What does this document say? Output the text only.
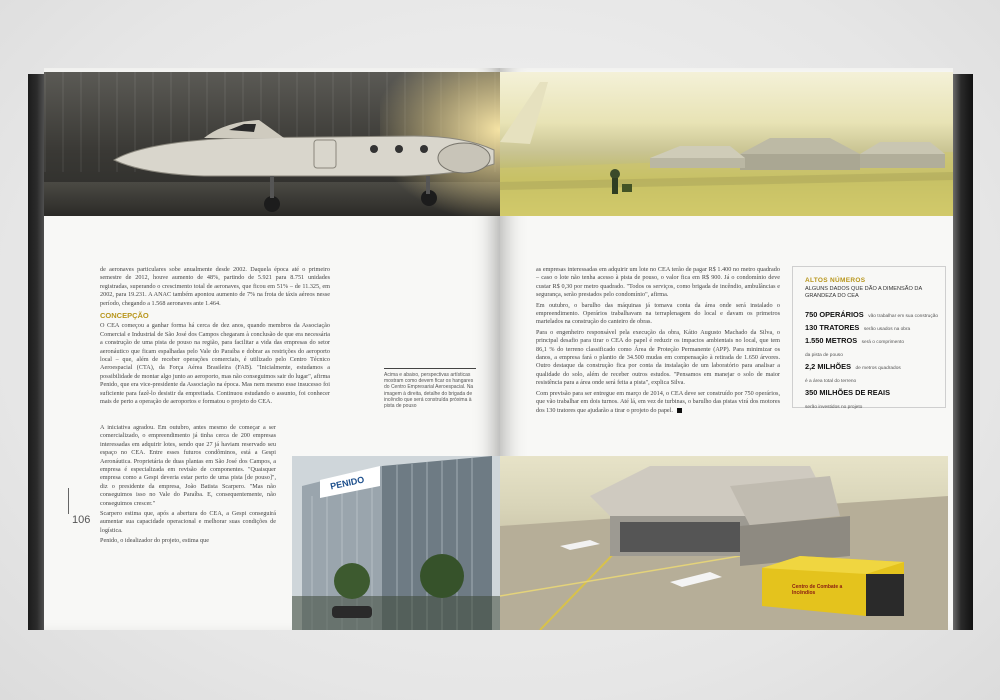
de aeronaves particulares sobe anualmente desde 2002. Daquela época até o primeiro semestre de 2012, houve aumento de 48%, partindo de 5.921 para 8.751 unidades registradas, superando o crescimento total de aeronaves, que ficou em 51% – de 11.325, em 2002, para 19.231. A ANAC também apontou aumento de 7% na frota de táxis aéreos nesse período, chegando a 1.568 aeronaves ante 1.464.

CONCEPÇÃO

O CEA começou a ganhar forma há cerca de dez anos, quando membros da Associação Comercial e Industrial de São José dos Campos chegaram à conclusão de que era necessária a construção de uma pista de pouso na região, para facilitar a vida das empresas do setor aeronáutico que ficam espalhadas pelo Vale do Paraíba e dobrar as restrições do aeroporto local – que, além de receber operações comerciais, é utilizado pelo Centro Técnico Aeroespacial (CTA), da Força Aérea Brasileira (FAB). "Inicialmente, estudamos a possibilidade de montar algo junto ao aeroporto, mas não conseguimos sair do lugar", afirma Penido, que era vice-presidente da Associação na época. Mas nem mesmo esse insucesso foi suficiente para fazê-lo desistir da empreitada. Continuou estudando o assunto, foi conhecer mais de perto a operação de aeroportos e formatou o projeto do CEA.

A iniciativa agradou. Em outubro, antes mesmo de começar a ser comercializado, o empreendimento já tinha cerca de 200 empresas interessadas em adquirir lotes, sendo que 27 já haviam reservado seu espaço no CEA. Entre esses futuros condôminos, está a Gespi Aeronáutica. Proprietária de duas plantas em São José dos Campos, a empresa é especializada em revisão de componentes. "Quaisquer empresa como a Gespi deveria estar perto de uma pista [de pouso]", diz o presidente da empresa, João Batista Scarpero. "Mas não conseguimos isso no Vale do Paraíba. E, consequentemente, não conseguimos crescer."

Scarpero estima que, após a abertura do CEA, a Gespi conseguirá aumentar sua capacidade operacional e melhorar suas condições de logística.

Penido, o idealizador do projeto, estima que

Acima e abaixo, perspectivas artísticas mostram como devem ficar os hangares do Centro Empresarial Aeroespacial. Na imagem à direita, detalhe do brigada de incêndio que será construída próxima à pista de pouso
106
PENIDO

as empresas interessadas em adquirir um lote no CEA terão de pagar R$ 1.400 no metro quadrado – caso o lote não tenha acesso à pista de pouso, o valor fica em R$ 900. Já o condomínio deve custar R$ 0,30 por metro quadrado. "Todos os serviços, como brigada de incêndio, ambulâncias e segurança, serão prestados pelo condomínio", afirma.

Em outubro, o barulho das máquinas já tomava conta da área onde será instalado o empreendimento. Operários trabalhavam na terraplenagem do local e davam os primeiros martelados na construção do canteiro de obras.

Para o engenheiro responsável pela execução da obra, Kátio Augusto Machado da Silva, o principal desafio para tirar o CEA do papel é reduzir os impactos ambientais no local, que tem 86,1 % do terreno classificado como Área de Proteção Permanente (APP). Para minimizar os danos, a empresa fará o plantio de 34.500 mudas em compensação à retirada de 1.650 árvores. Outro destaque da construção fica por conta da instalação de um laboratório para analisar a qualidade do solo, além de receber outros estudos. "Pensamos em manejar o solo de maior resistência para a área onde será feita a pista", explica Silva.

Com previsão para ser entregue em março de 2014, o CEA deve ser construído por 750 operários, que vão trabalhar em dois turnos. Até lá, em vez de turbinas, o barulho das pistas virá dos motores dos 130 tratores que ajudarão a tirar o projeto do papel.

ALTOS NÚMEROS
ALGUNS DADOS QUE DÃO A DIMENSÃO DA GRANDEZA DO CEA
750 OPERÁRIOS vão trabalhar em sua construção
130 TRATORES serão usados na obra
1.550 METROS será o comprimento
da pista de pouso
2,2 MILHÕES de metros quadrados
é a área total do terreno
350 MILHÕES DE REAIS
serão investidos no projeto
Centro de Combate a Incêndios
